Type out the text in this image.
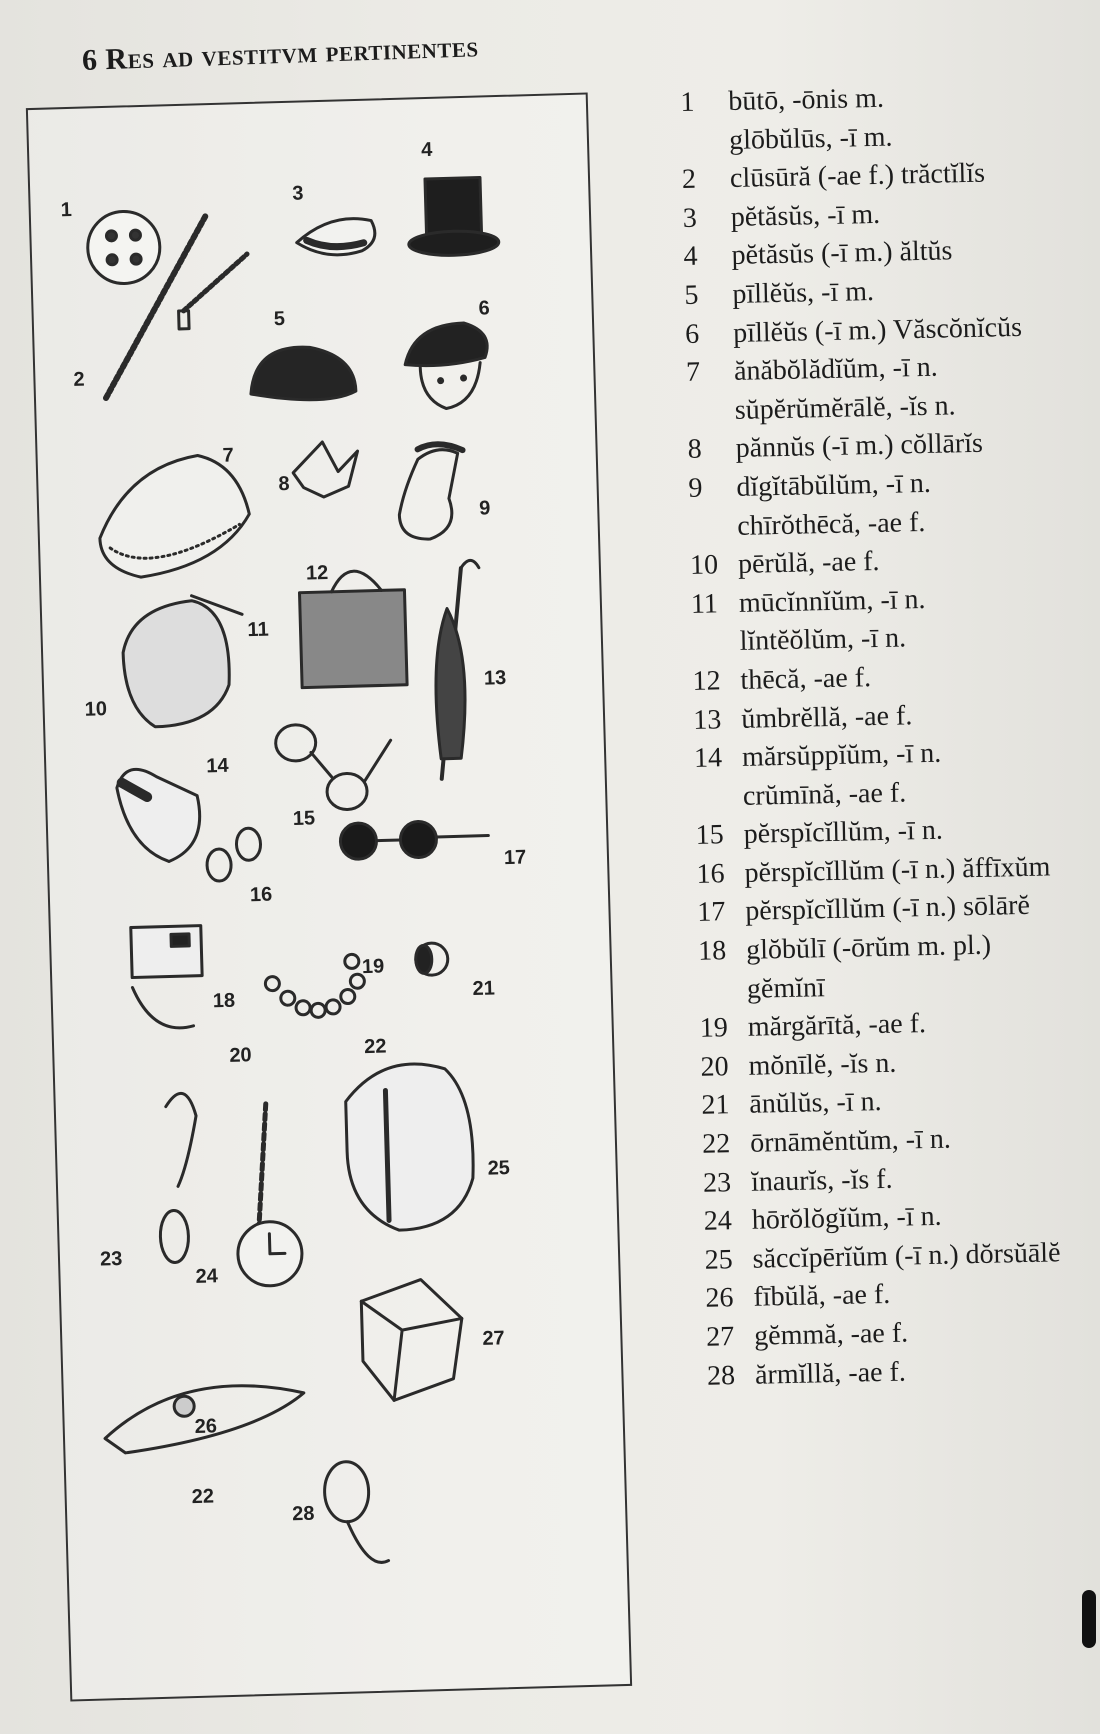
6 Res ad vestitvm pertinentes
1
2
3
4
5	6
7
8
9
10
11
12
13
14
15
16
17
18
19
20
21
22
23
24
25
26
22
27
28
1	būtō, -ōnis m.
glōbŭlūs, -ī m.
2	clūsūră (-ae f.) trăctĭlĭs
3	pĕtăsŭs, -ī m.
4	pĕtăsŭs (-ī m.) ăltŭs
5	pīllĕŭs, -ī m.
6	pīllĕŭs (-ī m.) Văscŏnĭcŭs
7	ănăbŏlădĭŭm, -ī n.
sŭpĕrŭmĕrālĕ, -ĭs n.
8	pănnŭs (-ī m.) cŏllārĭs
9	dĭgĭtābŭlŭm, -ī n.
chīrŏthēcă, -ae f.
10 pērŭlă, -ae f.
11 mūcĭnnĭŭm, -ī n.
lĭntĕŏlŭm, -ī n.
12 thēcă, -ae f.
13 ŭmbrĕllă, -ae f.
14 mărsŭppĭŭm, -ī n.
crŭmīnă, -ae f.
15 pĕrspĭcĭllŭm, -ī n.
16 pĕrspĭcĭllŭm (-ī n.) ăffīxŭm
17 pĕrspĭcĭllŭm (-ī n.) sōlārĕ
18 glŏbŭlī (-ōrŭm m. pl.)
gĕmĭnī
19 mărgărītă, -ae f.
20 mŏnīlĕ, -ĭs n.
21 ānŭlŭs, -ī n.
22 ōrnāmĕntŭm, -ī n.
23 ĭnaurĭs, -ĭs f.
24 hōrŏlŏgĭŭm, -ī n.
25 săccĭpērĭŭm (-ī n.) dŏrsŭālĕ
26 fībŭlă, -ae f.
27 gĕmmă, -ae f.
28 ărmĭllă, -ae f.
